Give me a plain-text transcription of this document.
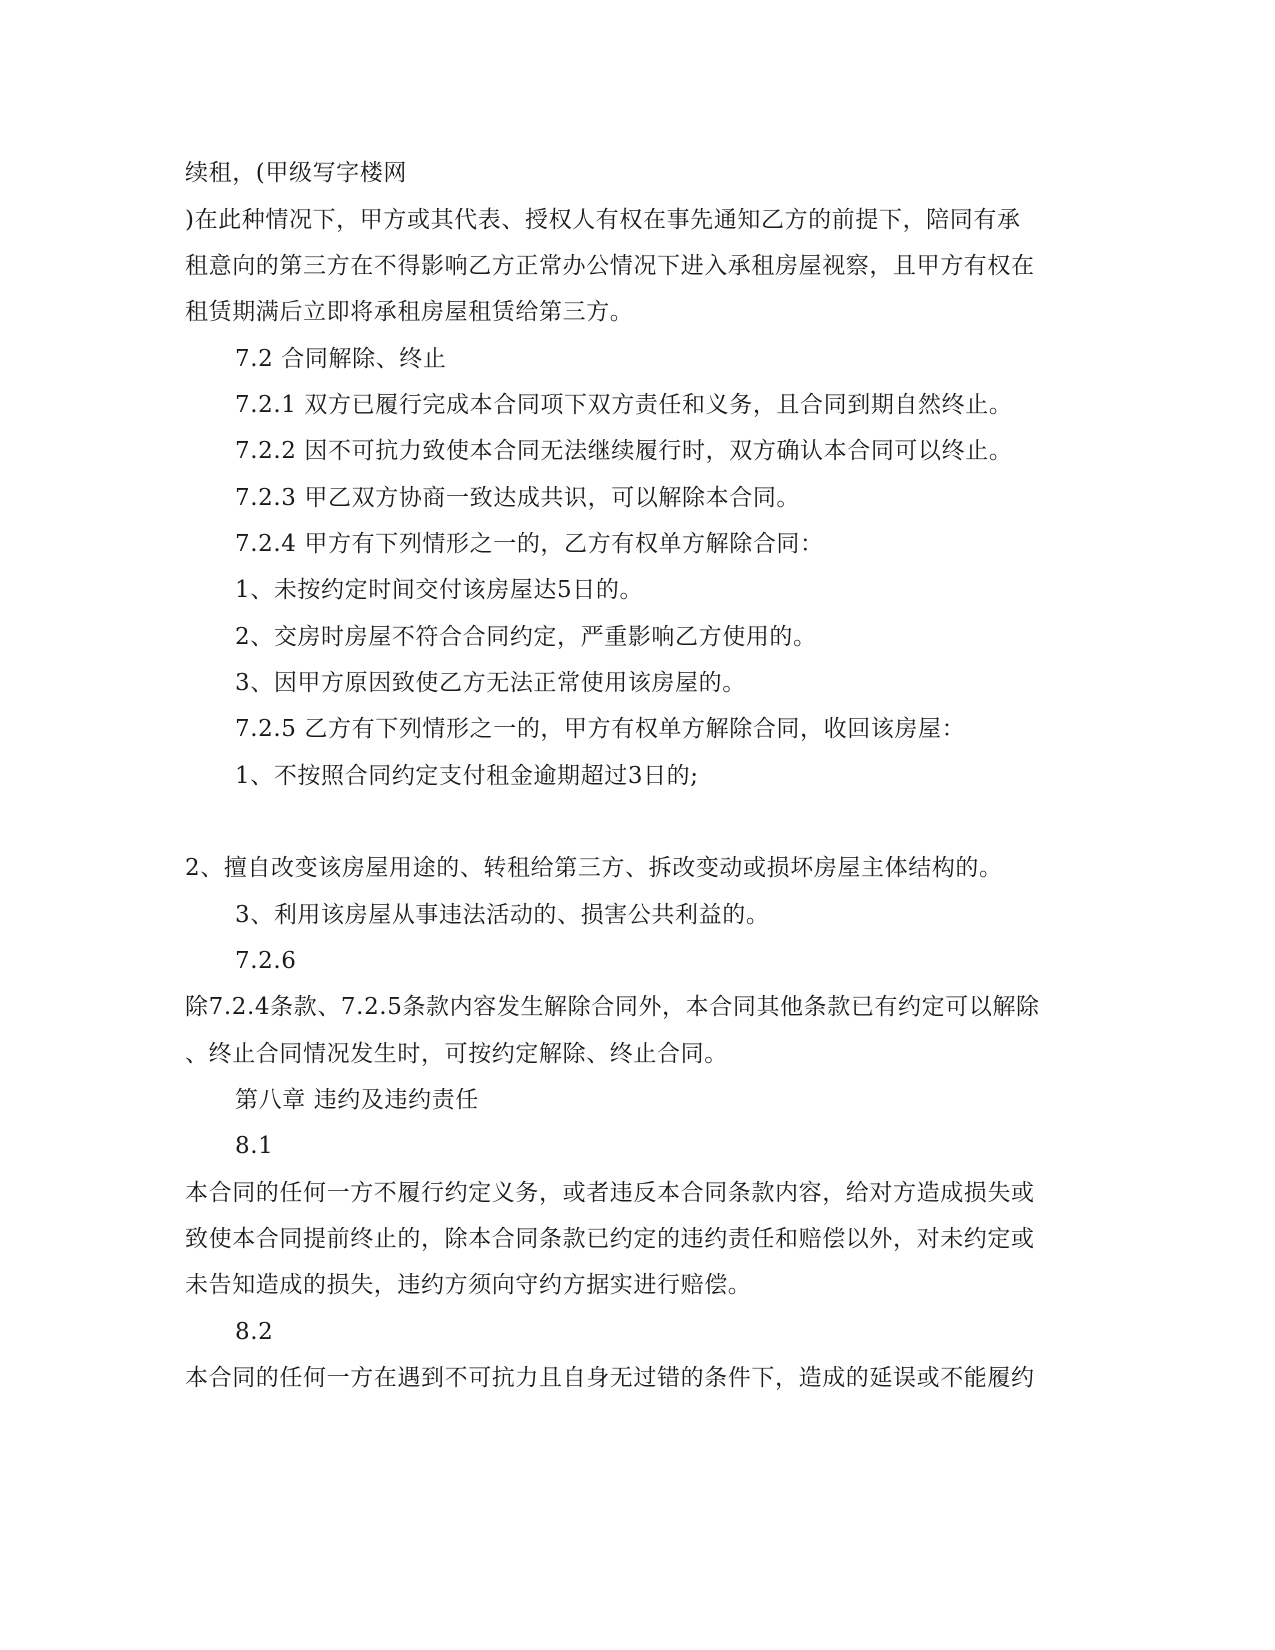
续租，(甲级写字楼网
)在此种情况下，甲方或其代表、授权人有权在事先通知乙方的前提下，陪同有承
租意向的第三方在不得影响乙方正常办公情况下进入承租房屋视察，且甲方有权在
租赁期满后立即将承租房屋租赁给第三方。
7.2 合同解除、终止
7.2.1 双方已履行完成本合同项下双方责任和义务，且合同到期自然终止。
7.2.2 因不可抗力致使本合同无法继续履行时，双方确认本合同可以终止。
7.2.3 甲乙双方协商一致达成共识，可以解除本合同。
7.2.4 甲方有下列情形之一的，乙方有权单方解除合同：
1、未按约定时间交付该房屋达5日的。
2、交房时房屋不符合合同约定，严重影响乙方使用的。
3、因甲方原因致使乙方无法正常使用该房屋的。
7.2.5 乙方有下列情形之一的，甲方有权单方解除合同，收回该房屋：
1、不按照合同约定支付租金逾期超过3日的;
2、擅自改变该房屋用途的、转租给第三方、拆改变动或损坏房屋主体结构的。
3、利用该房屋从事违法活动的、损害公共利益的。
7.2.6
除7.2.4条款、7.2.5条款内容发生解除合同外，本合同其他条款已有约定可以解除
、终止合同情况发生时，可按约定解除、终止合同。
第八章 违约及违约责任
8.1
本合同的任何一方不履行约定义务，或者违反本合同条款内容，给对方造成损失或
致使本合同提前终止的，除本合同条款已约定的违约责任和赔偿以外，对未约定或
未告知造成的损失，违约方须向守约方据实进行赔偿。
8.2
本合同的任何一方在遇到不可抗力且自身无过错的条件下，造成的延误或不能履约
